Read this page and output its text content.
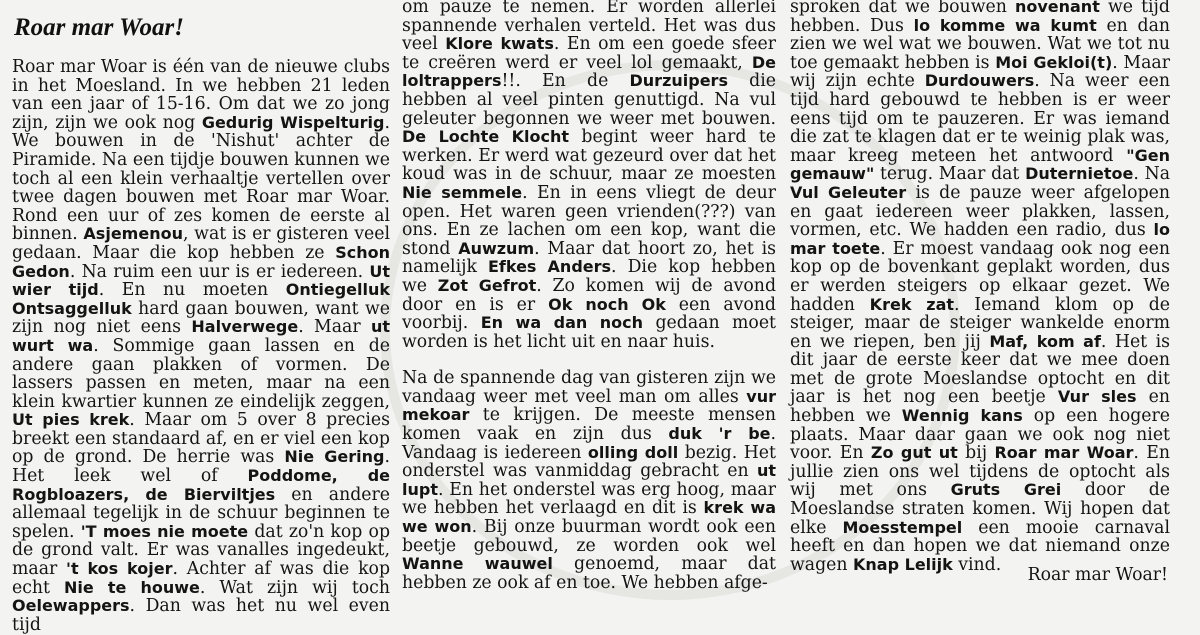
Roar mar Woar!

Roar mar Woar is één van de nieuwe clubs in het Moesland. In we hebben 21 leden van een jaar of 15-16. Om dat we zo jong zijn, zijn we ook nog Gedurig Wispelturig. We bouwen in de 'Nishut' achter de Piramide. Na een tijdje bouwen kunnen we toch al een klein verhaaltje vertellen over twee dagen bouwen met Roar mar Woar. Rond een uur of zes komen de eerste al binnen. Asjemenou, wat is er gisteren veel gedaan. Maar die kop hebben ze Schon Gedon. Na ruim een uur is er iedereen. Ut wier tijd. En nu moeten Ontiegelluk Ontsaggelluk hard gaan bouwen, want we zijn nog niet eens Halverwege. Maar ut wurt wa. Sommige gaan lassen en de andere gaan plakken of vormen. De lassers passen en meten, maar na een klein kwartier kunnen ze eindelijk zeggen, Ut pies krek. Maar om 5 over 8 precies breekt een standaard af, en er viel een kop op de grond. De herrie was Nie Gering. Het leek wel of Poddome, de Rogbloazers, de Bierviltjes en andere allemaal tegelijk in de schuur beginnen te spelen. 'T moes nie moete dat zo'n kop op de grond valt. Er was vanalles ingedeukt, maar 't kos kojer. Achter af was die kop echt Nie te houwe. Wat zijn wij toch Oelewappers. Dan was het nu wel even tijd

om pauze te nemen. Er worden allerlei spannende verhalen verteld. Het was dus veel Klore kwats. En om een goede sfeer te creëren werd er veel lol gemaakt, De loltrappers!!. En de Durzuipers die hebben al veel pinten genuttigd. Na vul geleuter begonnen we weer met bouwen. De Lochte Klocht begint weer hard te werken. Er werd wat gezeurd over dat het koud was in de schuur, maar ze moesten Nie semmele. En in eens vliegt de deur open. Het waren geen vrienden(???) van ons. En ze lachen om een kop, want die stond Auwzum. Maar dat hoort zo, het is namelijk Efkes Anders. Die kop hebben we Zot Gefrot. Zo komen wij de avond door en is er Ok noch Ok een avond voorbij. En wa dan noch gedaan moet worden is het licht uit en naar huis.

Na de spannende dag van gisteren zijn we vandaag weer met veel man om alles vur mekoar te krijgen. De meeste mensen komen vaak en zijn dus duk 'r be. Vandaag is iedereen olling doll bezig. Het onderstel was vanmiddag gebracht en ut lupt. En het onderstel was erg hoog, maar we hebben het verlaagd en dit is krek wa we won. Bij onze buurman wordt ook een beetje gebouwd, ze worden ook wel Wanne wauwel genoemd, maar dat hebben ze ook af en toe. We hebben afge-

sproken dat we bouwen novenant we tijd hebben. Dus lo komme wa kumt en dan zien we wel wat we bouwen. Wat we tot nu toe gemaakt hebben is Moi Gekloi(t). Maar wij zijn echte Durdouwers. Na weer een tijd hard gebouwd te hebben is er weer eens tijd om te pauzeren. Er was iemand die zat te klagen dat er te weinig plak was, maar kreeg meteen het antwoord "Gen gemauw" terug. Maar dat Duternietoe. Na Vul Geleuter is de pauze weer afgelopen en gaat iedereen weer plakken, lassen, vormen, etc. We hadden een radio, dus lo mar toete. Er moest vandaag ook nog een kop op de bovenkant geplakt worden, dus er werden steigers op elkaar gezet. We hadden Krek zat. Iemand klom op de steiger, maar de steiger wankelde enorm en we riepen, ben jij Maf, kom af. Het is dit jaar de eerste keer dat we mee doen met de grote Moeslandse optocht en dit jaar is het nog een beetje Vur sles en hebben we Wennig kans op een hogere plaats. Maar daar gaan we ook nog niet voor. En Zo gut ut bij Roar mar Woar. En jullie zien ons wel tijdens de optocht als wij met ons Gruts Grei door de Moeslandse straten komen. Wij hopen dat elke Moesstempel een mooie carnaval heeft en dan hopen we dat niemand onze wagen Knap Lelijk vind.

Roar mar Woar!
